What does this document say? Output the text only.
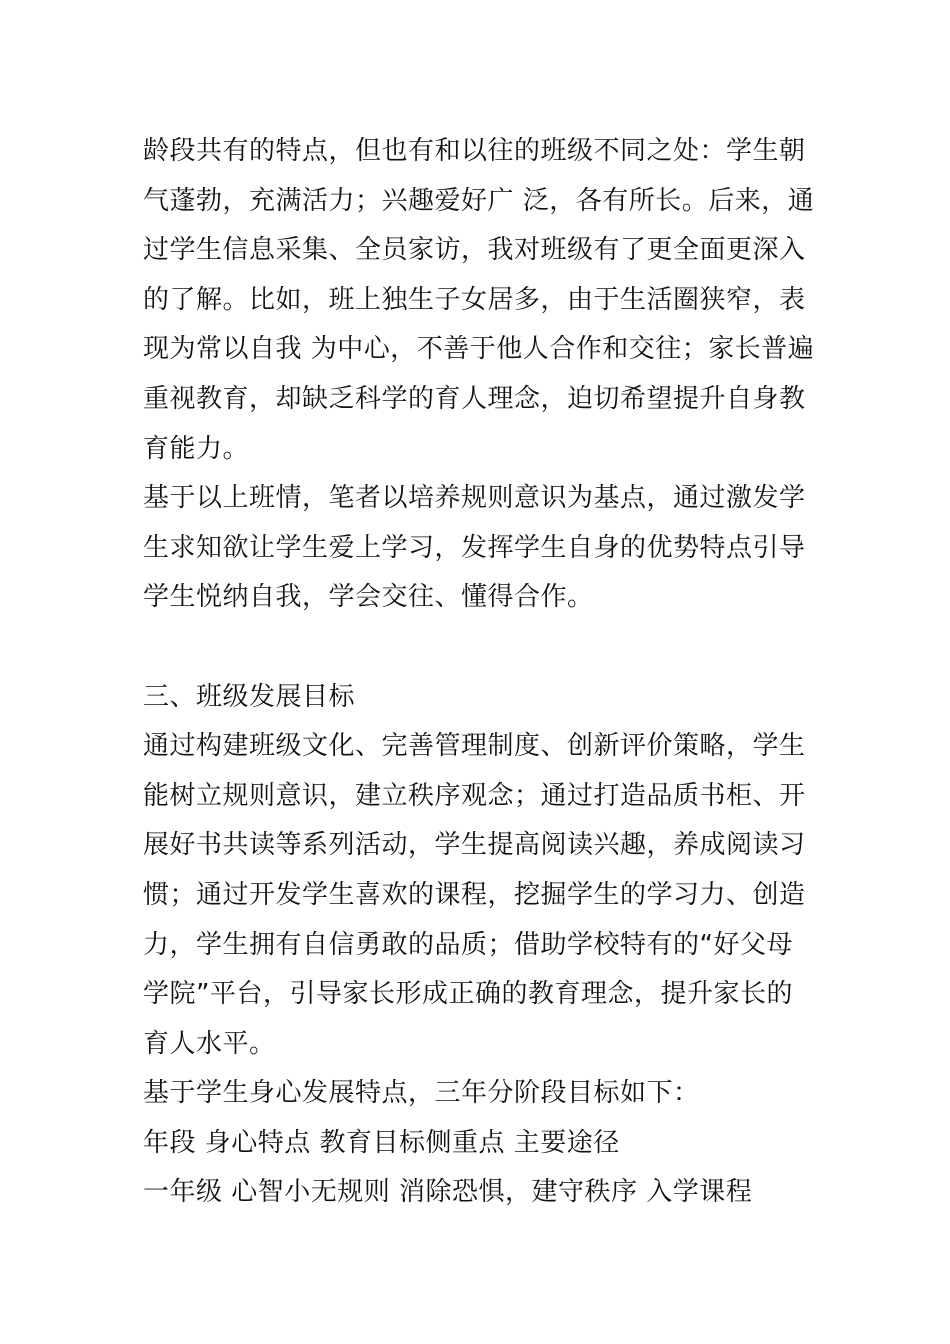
龄段共有的特点，但也有和以往的班级不同之处：学生朝
气蓬勃，充满活力；兴趣爱好广 泛，各有所长。后来，通
过学生信息采集、全员家访，我对班级有了更全面更深入
的了解。比如，班上独生子女居多，由于生活圈狭窄，表
现为常以自我 为中心，不善于他人合作和交往；家长普遍
重视教育，却缺乏科学的育人理念，迫切希望提升自身教
育能力。
基于以上班情，笔者以培养规则意识为基点，通过激发学
生求知欲让学生爱上学习，发挥学生自身的优势特点引导
学生悦纳自我，学会交往、懂得合作。
三、班级发展目标
通过构建班级文化、完善管理制度、创新评价策略，学生
能树立规则意识，建立秩序观念；通过打造品质书柜、开
展好书共读等系列活动，学生提高阅读兴趣，养成阅读习
惯；通过开发学生喜欢的课程，挖掘学生的学习力、创造
力，学生拥有自信勇敢的品质；借助学校特有的“好父母
学院”平台，引导家长形成正确的教育理念，提升家长的
育人水平。
基于学生身心发展特点，三年分阶段目标如下：
年段 身心特点 教育目标侧重点 主要途径
一年级 心智小无规则 消除恐惧，建守秩序 入学课程
